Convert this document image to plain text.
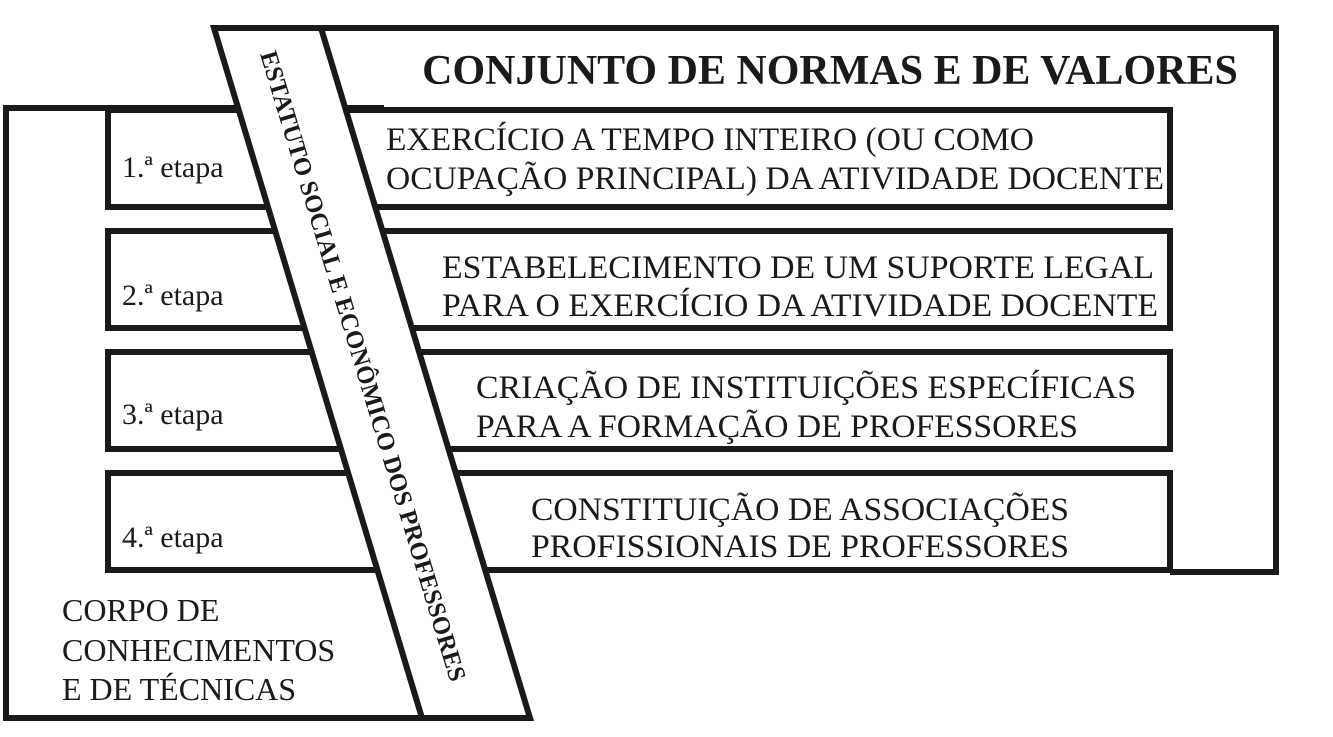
CONJUNTO DE NORMAS E DE VALORES
1.ª etapa
2.ª etapa
3.ª etapa
4.ª etapa
EXERCÍCIO A TEMPO INTEIRO (OU COMO
OCUPAÇÃO PRINCIPAL) DA ATIVIDADE DOCENTE
ESTABELECIMENTO DE UM SUPORTE LEGAL
PARA O EXERCÍCIO DA ATIVIDADE DOCENTE
CRIAÇÃO DE INSTITUIÇÕES ESPECÍFICAS
PARA A FORMAÇÃO DE PROFESSORES
CONSTITUIÇÃO DE ASSOCIAÇÕES
PROFISSIONAIS DE PROFESSORES
ESTATUTO SOCIAL E ECONÔMICO DOS PROFESSORES
CORPO DE
CONHECIMENTOS
E DE TÉCNICAS
